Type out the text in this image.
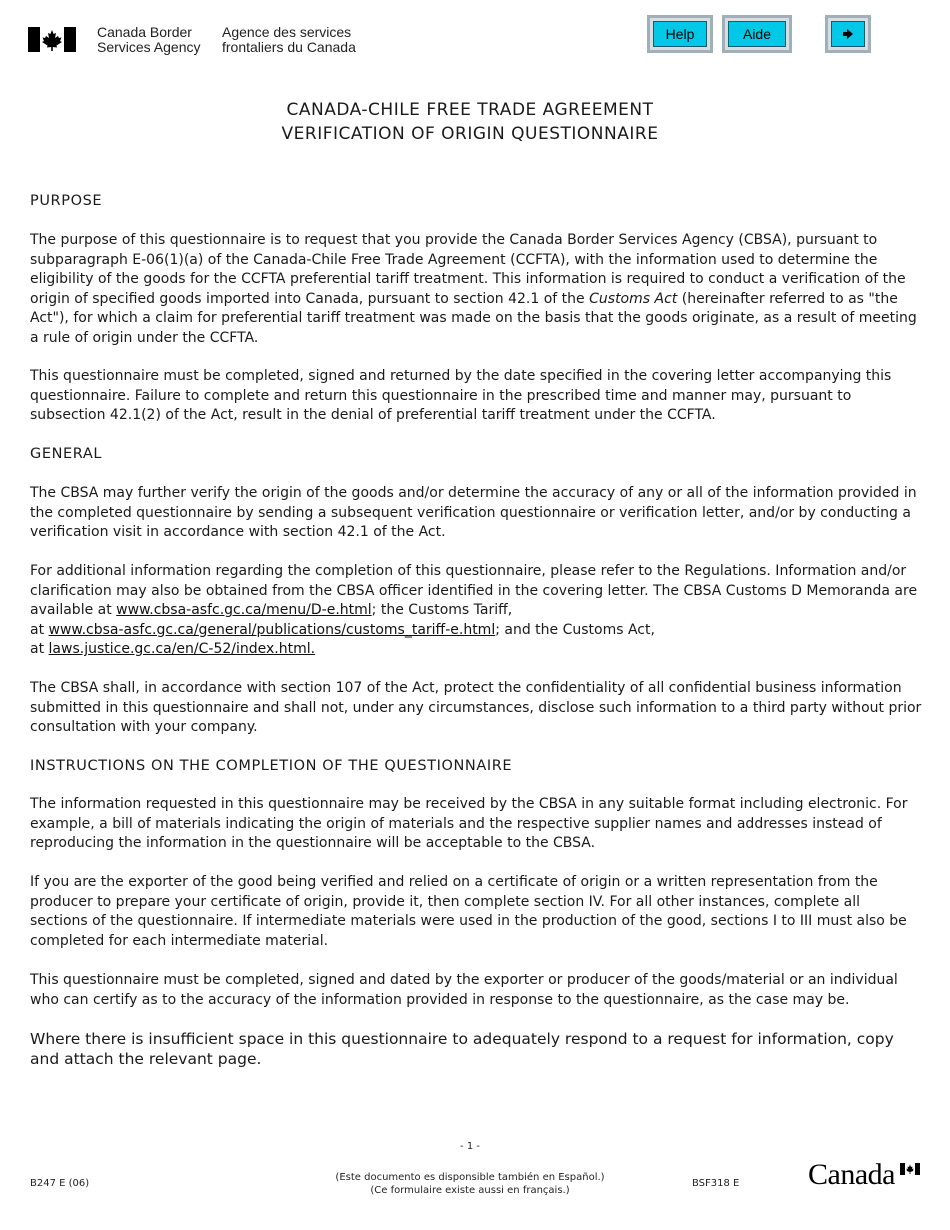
Canada Border
Services Agency
Agence des services
frontaliers du Canada
Help	Aide
CANADA-CHILE FREE TRADE AGREEMENT
VERIFICATION OF ORIGIN QUESTIONNAIRE
PURPOSE
The purpose of this questionnaire is to request that you provide the Canada Border Services Agency (CBSA), pursuant to subparagraph E-06(1)(a) of the Canada-Chile Free Trade Agreement (CCFTA), with the information used to determine the eligibility of the goods for the CCFTA preferential tariff treatment. This information is required to conduct a verification of the origin of specified goods imported into Canada, pursuant to section 42.1 of the Customs Act (hereinafter referred to as "the Act"), for which a claim for preferential tariff treatment was made on the basis that the goods originate, as a result of meeting a rule of origin under the CCFTA.
This questionnaire must be completed, signed and returned by the date specified in the covering letter accompanying this questionnaire. Failure to complete and return this questionnaire in the prescribed time and manner may, pursuant to subsection 42.1(2) of the Act, result in the denial of preferential tariff treatment under the CCFTA.
GENERAL
The CBSA may further verify the origin of the goods and/or determine the accuracy of any or all of the information provided in the completed questionnaire by sending a subsequent verification questionnaire or verification letter, and/or by conducting a verification visit in accordance with section 42.1 of the Act.
For additional information regarding the completion of this questionnaire, please refer to the Regulations. Information and/or clarification may also be obtained from the CBSA officer identified in the covering letter. The CBSA Customs D Memoranda are available at www.cbsa-asfc.gc.ca/menu/D-e.html; the Customs Tariff,
at www.cbsa-asfc.gc.ca/general/publications/customs_tariff-e.html; and the Customs Act,
at laws.justice.gc.ca/en/C-52/index.html.
The CBSA shall, in accordance with section 107 of the Act, protect the confidentiality of all confidential business information submitted in this questionnaire and shall not, under any circumstances, disclose such information to a third party without prior consultation with your company.
INSTRUCTIONS ON THE COMPLETION OF THE QUESTIONNAIRE
The information requested in this questionnaire may be received by the CBSA in any suitable format including electronic. For example, a bill of materials indicating the origin of materials and the respective supplier names and addresses instead of reproducing the information in the questionnaire will be acceptable to the CBSA.
If you are the exporter of the good being verified and relied on a certificate of origin or a written representation from the producer to prepare your certificate of origin, provide it, then complete section IV. For all other instances, complete all sections of the questionnaire. If intermediate materials were used in the production of the good, sections I to III must also be completed for each intermediate material.
This questionnaire must be completed, signed and dated by the exporter or producer of the goods/material or an individual who can certify as to the accuracy of the information provided in response to the questionnaire, as the case may be.
Where there is insufficient space in this questionnaire to adequately respond to a request for information, copy and attach the relevant page.
- 1 -
B247 E (06)
(Este documento es disponsible también en Español.)
(Ce formulaire existe aussi en français.)
BSF318 E Canada
